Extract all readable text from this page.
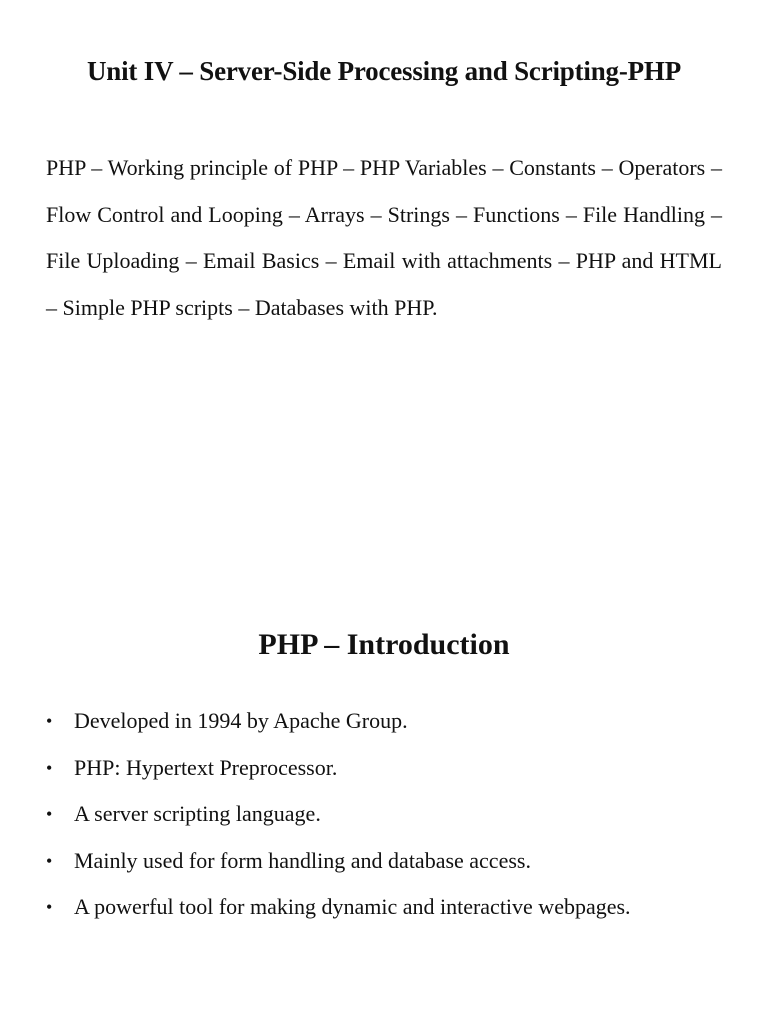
Unit IV – Server-Side Processing and Scripting-PHP

PHP – Working principle of PHP – PHP Variables – Constants – Operators – Flow Control and Looping – Arrays – Strings – Functions – File Handling – File Uploading – Email Basics – Email with attachments – PHP and HTML – Simple PHP scripts – Databases with PHP.

PHP – Introduction
• Developed in 1994 by Apache Group.
• PHP: Hypertext Preprocessor.
• A server scripting language.
• Mainly used for form handling and database access.
• A powerful tool for making dynamic and interactive webpages.
